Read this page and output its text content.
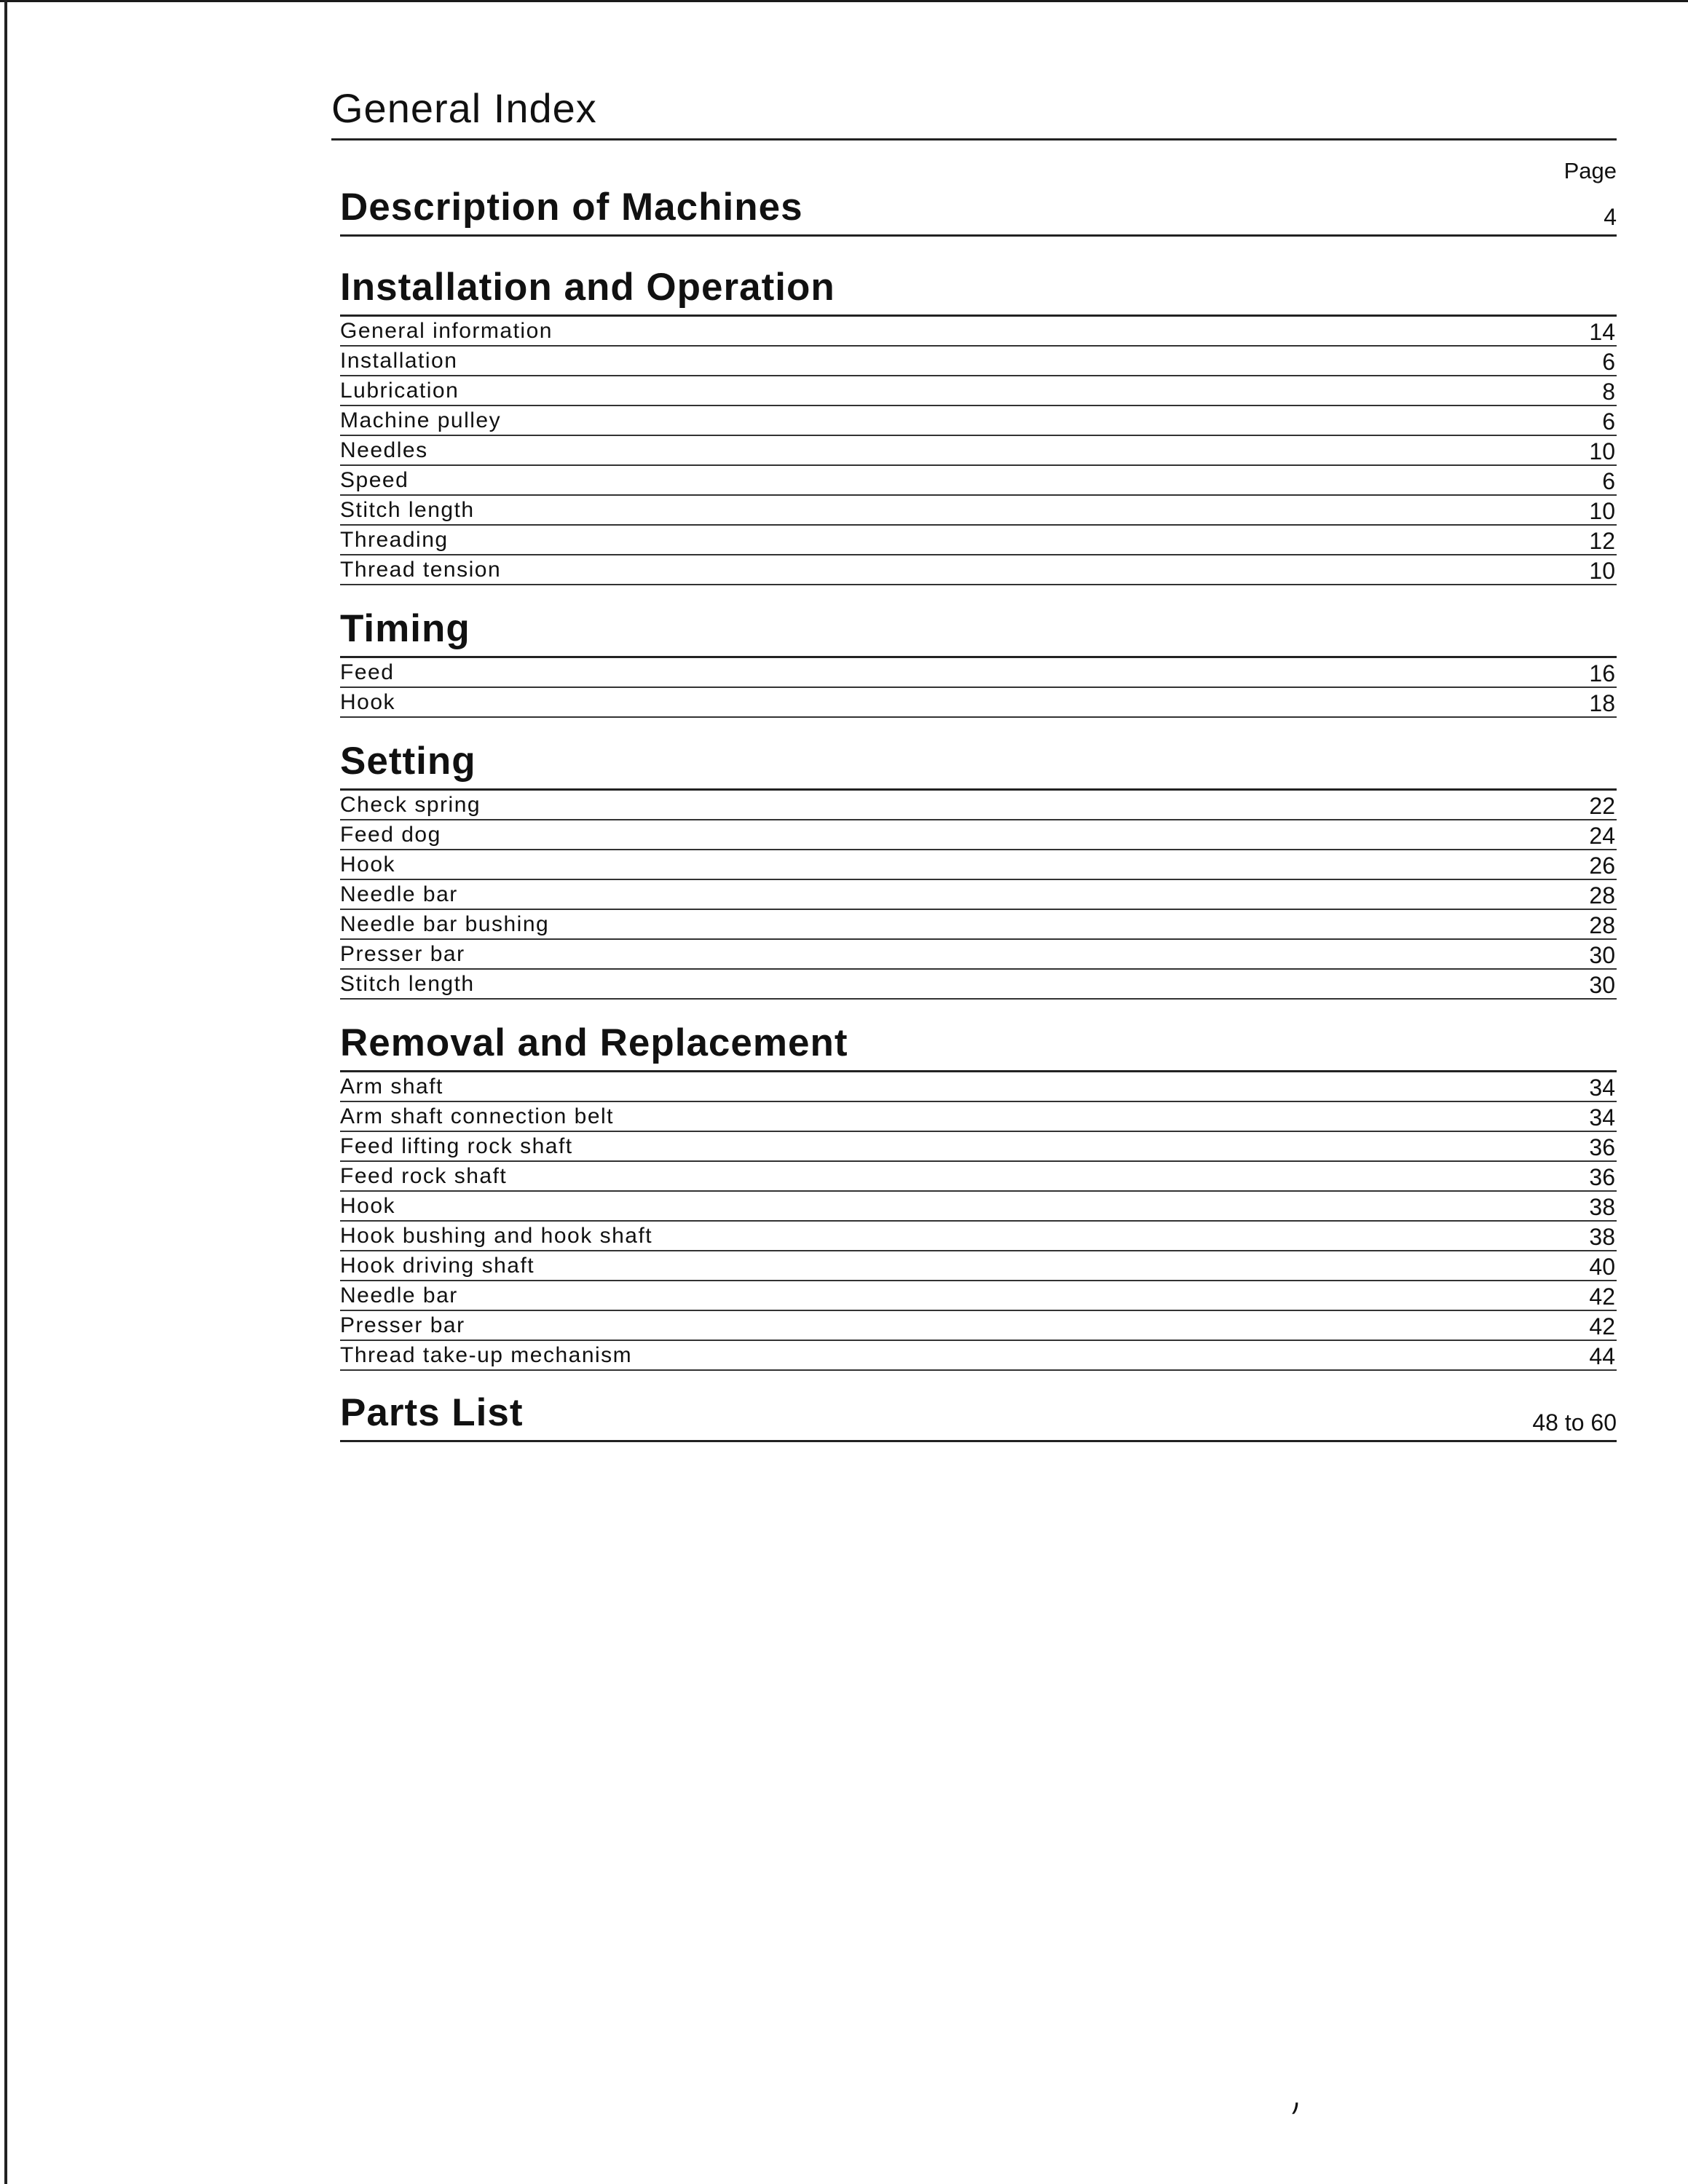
General Index
Page
Description of Machines	4
Installation and Operation
General information	14
Installation	6
Lubrication	8
Machine pulley	6
Needles	10
Speed	6
Stitch length	10
Threading	12
Thread tension	10
Timing
Feed	16
Hook	18
Setting
Check spring	22
Feed dog	24
Hook	26
Needle bar	28
Needle bar bushing	28
Presser bar	30
Stitch length	30
Removal and Replacement
Arm shaft	34
Arm shaft connection belt	34
Feed lifting rock shaft	36
Feed rock shaft	36
Hook	38
Hook bushing and hook shaft	38
Hook driving shaft	40
Needle bar	42
Presser bar	42
Thread take-up mechanism	44
Parts List	48 to 60
⹜
